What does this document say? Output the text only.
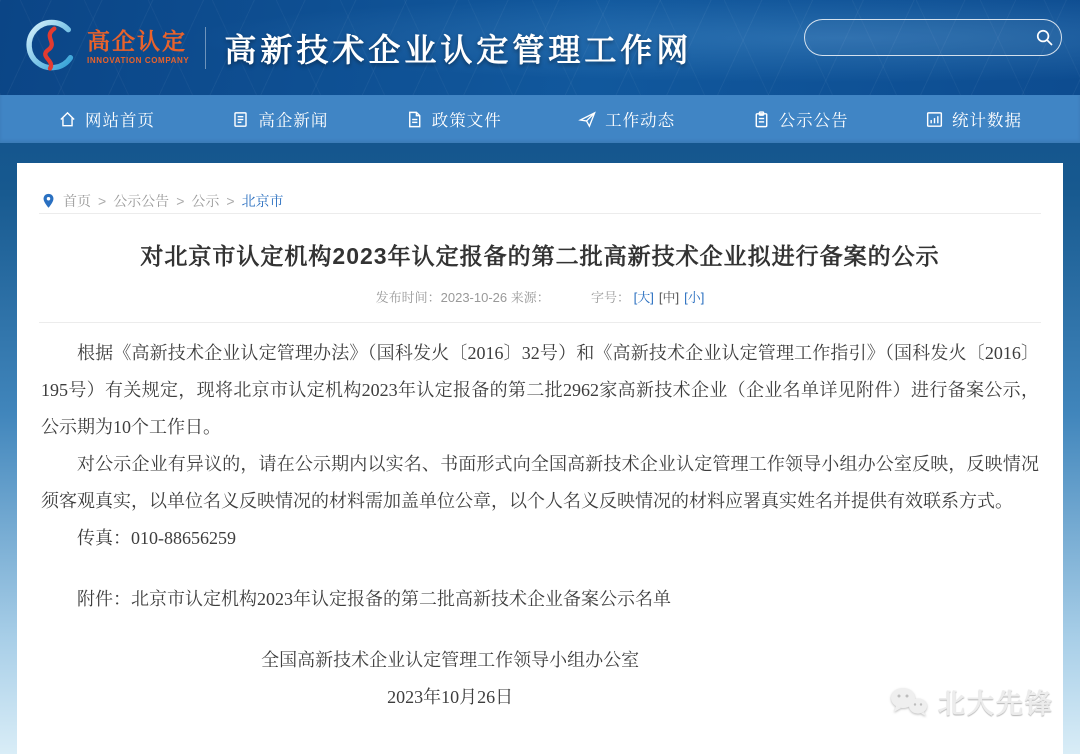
高企认定
INNOVATION COMPANY 高新技术企业认定管理工作网
网站首页	高企新闻	政策文件	工作动态	公示公告	统计数据
首页 > 公示公告 > 公示 > 北京市
对北京市认定机构2023年认定报备的第二批高新技术企业拟进行备案的公示
发布时间：2023-10-26 来源：	字号： [大] [中] [小]

根据《高新技术企业认定管理办法》（国科发火〔2016〕32号）和《高新技术企业认定管理工作指引》（国科发火〔2016〕195号）有关规定，现将北京市认定机构2023年认定报备的第二批2962家高新技术企业（企业名单详见附件）进行备案公示，公示期为10个工作日。

对公示企业有异议的，请在公示期内以实名、书面形式向全国高新技术企业认定管理工作领导小组办公室反映，反映情况须客观真实，以单位名义反映情况的材料需加盖单位公章，以个人名义反映情况的材料应署真实姓名并提供有效联系方式。

传真：010-88656259
附件：北京市认定机构2023年认定报备的第二批高新技术企业备案公示名单
全国高新技术企业认定管理工作领导小组办公室
2023年10月26日	北大先锋
